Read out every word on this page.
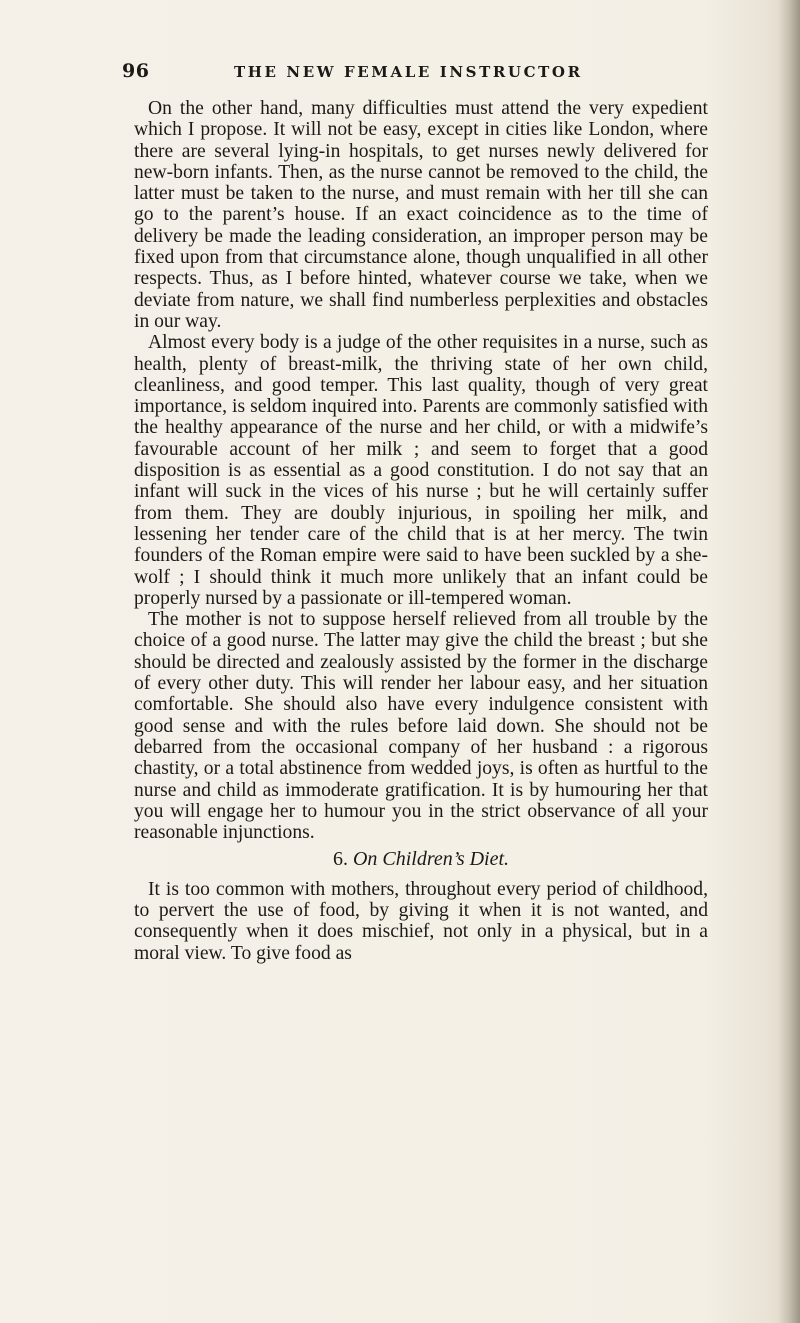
96	THE NEW FEMALE INSTRUCTOR

On the other hand, many difficulties must attend the very expedient which I propose. It will not be easy, except in cities like London, where there are several lying-in hospitals, to get nurses newly delivered for new-born infants. Then, as the nurse cannot be removed to the child, the latter must be taken to the nurse, and must remain with her till she can go to the parent’s house. If an exact coincidence as to the time of delivery be made the leading consideration, an improper person may be fixed upon from that circumstance alone, though unqualified in all other respects. Thus, as I before hinted, whatever course we take, when we deviate from nature, we shall find numberless perplexities and obstacles in our way.

Almost every body is a judge of the other requisites in a nurse, such as health, plenty of breast-milk, the thriving state of her own child, cleanliness, and good temper. This last quality, though of very great importance, is seldom inquired into. Parents are commonly satisfied with the healthy appearance of the nurse and her child, or with a midwife’s favourable account of her milk ; and seem to forget that a good disposition is as essential as a good constitution. I do not say that an infant will suck in the vices of his nurse ; but he will certainly suffer from them. They are doubly injurious, in spoiling her milk, and lessening her tender care of the child that is at her mercy. The twin founders of the Roman empire were said to have been suckled by a she-wolf ; I should think it much more unlikely that an infant could be properly nursed by a passionate or ill-tempered woman.

The mother is not to suppose herself relieved from all trouble by the choice of a good nurse. The latter may give the child the breast ; but she should be directed and zealously assisted by the former in the discharge of every other duty. This will render her labour easy, and her situation comfortable. She should also have every indulgence consistent with good sense and with the rules before laid down. She should not be debarred from the occasional company of her husband : a rigorous chastity, or a total abstinence from wedded joys, is often as hurtful to the nurse and child as immoderate gratification. It is by humouring her that you will engage her to humour you in the strict observance of all your reasonable injunctions.

6. On Children’s Diet.

It is too common with mothers, throughout every period of childhood, to pervert the use of food, by giving it when it is not wanted, and consequently when it does mischief, not only in a physical, but in a moral view. To give food as
